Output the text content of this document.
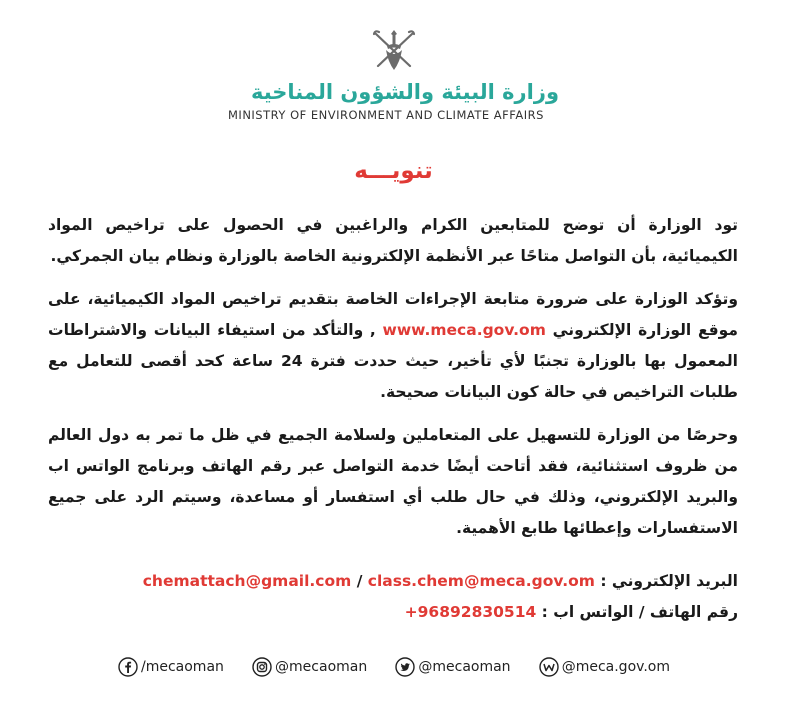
وزارة البيئة والشؤون المناخية
MINISTRY OF ENVIRONMENT AND CLIMATE AFFAIRS
تنويـــه

تود الوزارة أن توضح للمتابعين الكرام والراغبين في الحصول على تراخيص المواد الكيميائية، بأن التواصل متاحًا عبر الأنظمة الإلكترونية الخاصة بالوزارة ونظام بيان الجمركي.

وتؤكد الوزارة على ضرورة متابعة الإجراءات الخاصة بتقديم تراخيص المواد الكيميائية، على موقع الوزارة الإلكتروني www.meca.gov.om , والتأكد من استيفاء البيانات والاشتراطات المعمول بها بالوزارة تجنبًا لأي تأخير، حيث حددت فترة 24 ساعة كحد أقصى للتعامل مع طلبات التراخيص في حالة كون البيانات صحيحة.

وحرصًا من الوزارة للتسهيل على المتعاملين ولسلامة الجميع في ظل ما تمر به دول العالم من ظروف استثنائية، فقد أتاحت أيضًا خدمة التواصل عبر رقم الهاتف وبرنامج الواتس اب والبريد الإلكتروني، وذلك في حال طلب أي استفسار أو مساعدة، وسيتم الرد على جميع الاستفسارات وإعطائها طابع الأهمية.

البريد الإلكتروني : chemattach@gmail.com / class.chem@meca.gov.om
رقم الهاتف / الواتس اب : +96892830514
/mecaoman	@mecaoman	@mecaoman	@meca.gov.om
